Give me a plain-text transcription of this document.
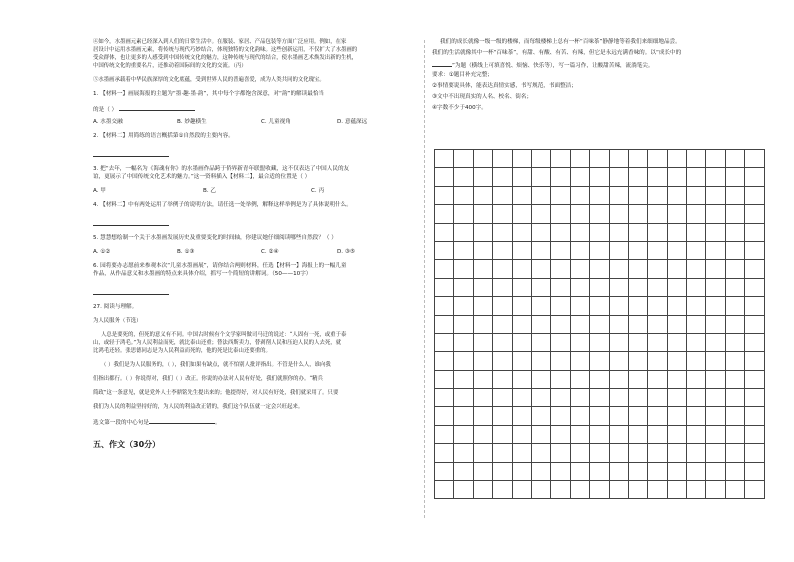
④如今，水墨画元素已经深入到人们的日常生活中。在服装、家居、产品包装等方面广泛应用。例如，在家

居设计中运用水墨画元素，将传统与现代巧妙结合，体现独特的文化韵味。这些创新运用，不仅扩大了水墨画的

受众群体，也让更多的人感受到中国传统文化的魅力，这种传统与现代的结合，使水墨画艺术焕发出新的生机，

中国传统文化的重要名片，还推动着国际间的文化的交流。（丙）

⑤水墨画承载着中华民族深厚的文化底蕴，受到世界人民的普遍喜爱，成为人类共同的文化瑰宝。

1. 【材料一】画展海报的主题为“墨·趣·墨·韵”，其中每个字都饱含深意，对“韵”的解读最恰当

的是（ ）

A. 水墨交融	B. 妙趣横生	C. 儿童视角	D. 意蕴深远

2. 【材料二】用简练的语言概括第①自然段的主要内容。

3. 把“去年，一幅名为《海魂有你》的水墨画作品跨于侨界新青年联盟收藏，这不仅表达了中国人民的友

谊，更展示了中国传统文化艺术的魅力。”这一资料插入【材料二】，最合适的位置是（ ）

A. 甲	B. 乙	C. 丙

4. 【材料二】中有两处运用了举例子的说明方法，请任选一处举例，解释这样举例是为了具体说明什么。

5. 慧慧想绘制一个关于水墨画发展历史及重要变化的时间轴，你建议她仔细阅读哪些自然段？（ ）

A. ①②	B. ①③	C. ②④	D. ③⑤

6. 园将要办志愿前来参观本次“儿童水墨画展”，请你结合两则材料，任选【材料一】海报上的一幅儿童

作品，从作品意义和水墨画的特点来具体介绍，抓写一个简短的讲解词。（50——10字）

27. 阅读与理解。

为人民服务（节选）

人总是要死的，但死的意义有不同。中国古时候有个文学家叫做司马迁的说过：“人固有一死，或重于泰

山，或轻于鸿毛。”为人民利益而死，就比泰山还重；替法西斯卖力，替剥削人民和压迫人民的人去死，就

比鸿毛还轻。张思德同志是为人民利益而死的，他的死是比泰山还要重的。

（ ）我们是为人民服务的，（ ），我们如果有缺点，就不怕别人批评指出。不管是什么人，谁向我

们指出都行。（ ）你说得对，我们（ ）改正。你说的办法对人民有好处，我们就照你的办。“精兵

简政”这一条意见，就是党外人士李鼎铭先生提出来的；他提得好，对人民有好处，我们就采用了。只要

我们为人民的利益坚持好的，为人民的利益改正错的，我们这个队伍就一定会兴旺起来。

选文第一段的中心句是	。

五、作文（30分）

我们的成长就像一级一级的楼梯，而每级楼梯上总有一杯“百味茶”静静地等着我们来细细地品尝。

我们的生活就像其中一杯“百味茶”，有甜、有酸、有苦、有辣，但它是永远充满香味的。以“成长中的

”为题（横线上可填喜悦、烦恼、快乐等），写一篇习作，让酸甜苦辣，流淌笔尖。

要求：①题目补充完整；

②事情要说具体，能表达真情实感，书写规范，书面整洁；

③文中不出现真实的人名、校名、街名；

④字数不少于400字。
